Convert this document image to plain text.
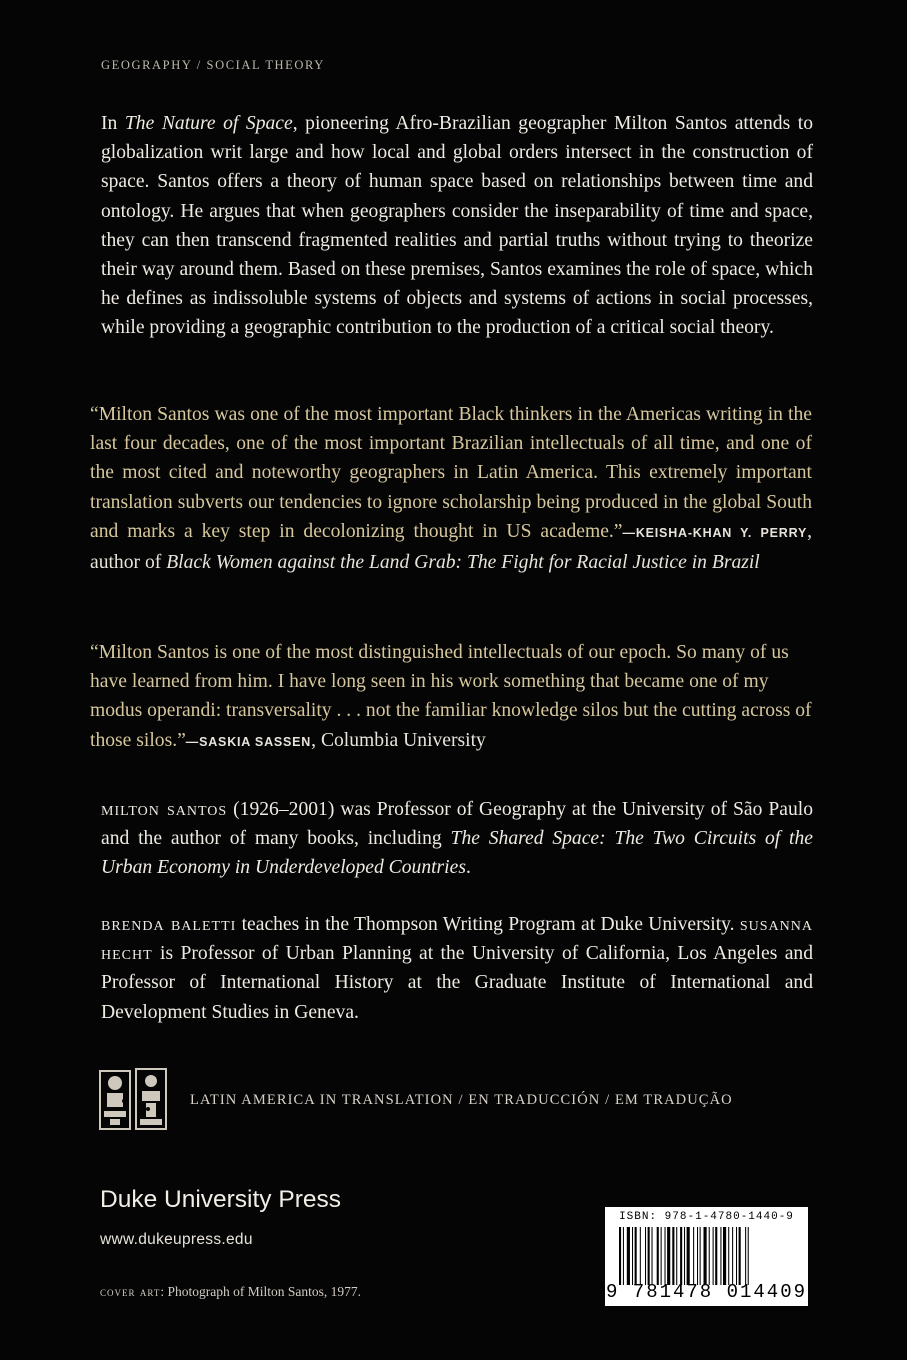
GEOGRAPHY / SOCIAL THEORY

In The Nature of Space, pioneering Afro-Brazilian geographer Milton Santos attends to globalization writ large and how local and global orders intersect in the construction of space. Santos offers a theory of human space based on relationships between time and ontology. He argues that when geographers consider the inseparability of time and space, they can then transcend fragmented realities and partial truths without trying to theorize their way around them. Based on these premises, Santos examines the role of space, which he defines as indissoluble systems of objects and systems of actions in social processes, while providing a geographic contribution to the production of a critical social theory.

“Milton Santos was one of the most important Black thinkers in the Americas writing in the last four decades, one of the most important Brazilian intellectuals of all time, and one of the most cited and noteworthy geographers in Latin America. This extremely important translation subverts our tendencies to ignore scholarship being produced in the global South and marks a key step in decolonizing thought in US academe.”—KEISHA-KHAN Y. PERRY, author of Black Women against the Land Grab: The Fight for Racial Justice in Brazil

“Milton Santos is one of the most distinguished intellectuals of our epoch. So many of us have learned from him. I have long seen in his work something that became one of my modus operandi: transversality . . . not the familiar knowledge silos but the cutting across of those silos.”—SASKIA SASSEN, Columbia University

milton santos (1926–2001) was Professor of Geography at the University of São Paulo and the author of many books, including The Shared Space: The Two Circuits of the Urban Economy in Underdeveloped Countries.

brenda baletti teaches in the Thompson Writing Program at Duke University. susanna hecht is Professor of Urban Planning at the University of California, Los Angeles and Professor of International History at the Graduate Institute of International and Development Studies in Geneva.

LATIN AMERICA IN TRANSLATION / EN TRADUCCIÓN / EM TRADUÇÃO
Duke University Press
www.dukeupress.edu
cover art: Photograph of Milton Santos, 1977.
ISBN: 978-1-4780-1440-9
9 781478 014409
